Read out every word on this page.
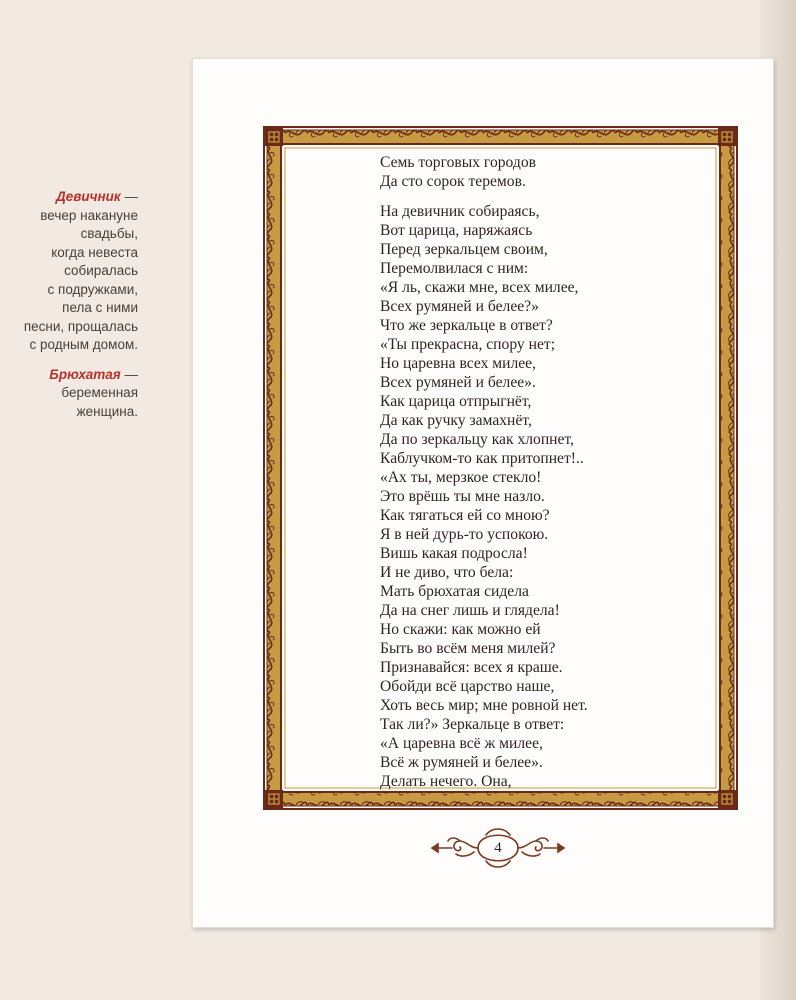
Девичник —
вечер накануне
свадьбы,
когда невеста
собиралась
с подружками,
пела с ними
песни, прощалась
с родным домом.
Брюхатая —
беременная
женщина.
Семь торговых городов
Да сто сорок теремов.
На девичник собираясь,
Вот царица, наряжаясь
Перед зеркальцем своим,
Перемолвилася с ним:
«Я ль, скажи мне, всех милее,
Всех румяней и белее?»
Что же зеркальце в ответ?
«Ты прекрасна, спору нет;
Но царевна всех милее,
Всех румяней и белее».
Как царица отпрыгнёт,
Да как ручку замахнёт,
Да по зеркальцу как хлопнет,
Каблучком-то как притопнет!..
«Ах ты, мерзкое стекло!
Это врёшь ты мне назло.
Как тягаться ей со мною?
Я в ней дурь-то успокою.
Вишь какая подросла!
И не диво, что бела:
Мать брюхатая сидела
Да на снег лишь и глядела!
Но скажи: как можно ей
Быть во всём меня милей?
Признавайся: всех я краше.
Обойди всё царство наше,
Хоть весь мир; мне ровной нет.
Так ли?» Зеркальце в ответ:
«А царевна всё ж милее,
Всё ж румяней и белее».
Делать нечего. Она,
4
